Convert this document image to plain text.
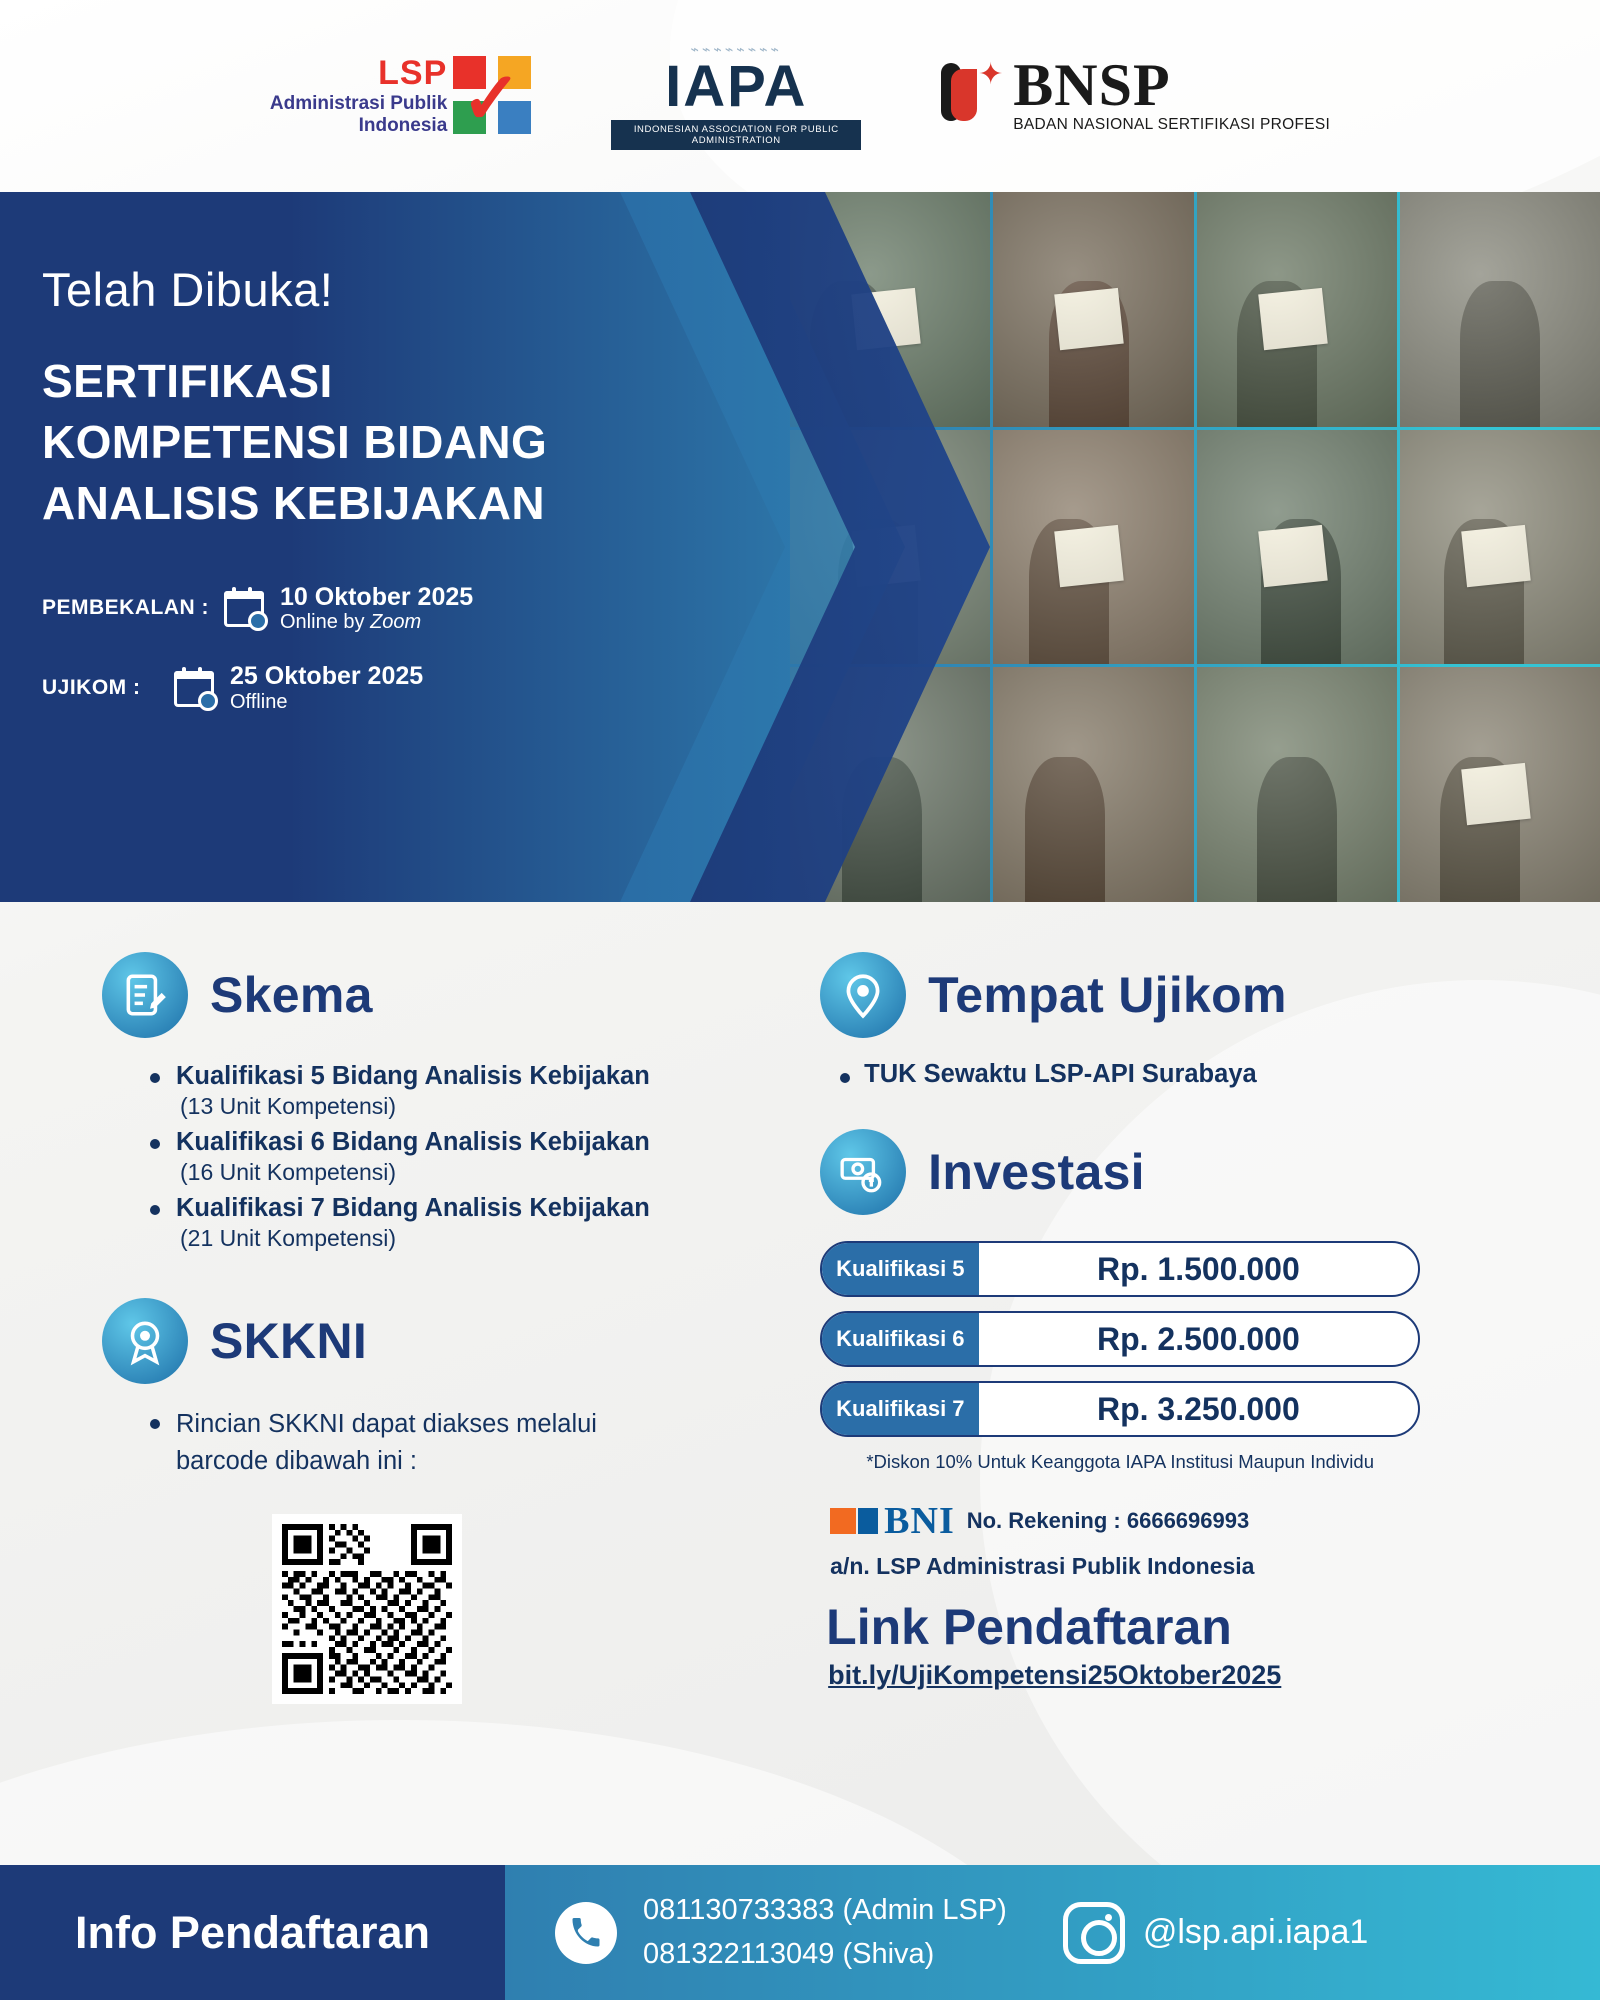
LSP
Administrasi Publik
Indonesia ✓
⌁⌁⌁⌁⌁⌁⌁⌁
IAPA
INDONESIAN ASSOCIATION FOR PUBLIC ADMINISTRATION
✦ BNSP
BADAN NASIONAL SERTIFIKASI PROFESI
Telah Dibuka!
SERTIFIKASI
KOMPETENSI BIDANG
ANALISIS KEBIJAKAN
PEMBEKALAN :	10 Oktober 2025
Online by Zoom
UJIKOM :	25 Oktober 2025
Offline
Skema
Kualifikasi 5 Bidang Analisis Kebijakan
(13 Unit Kompetensi)
Kualifikasi 6 Bidang Analisis Kebijakan
(16 Unit Kompetensi)
Kualifikasi 7 Bidang Analisis Kebijakan
(21 Unit Kompetensi)
SKKNI
Rincian SKKNI dapat diakses melalui
barcode dibawah ini :
Tempat Ujikom
TUK Sewaktu LSP-API Surabaya
Investasi
Kualifikasi 5	Rp. 1.500.000
Kualifikasi 6	Rp. 2.500.000
Kualifikasi 7	Rp. 3.250.000
*Diskon 10% Untuk Keanggota IAPA Institusi Maupun Individu
BNI No. Rekening : 6666696993
a/n. LSP Administrasi Publik Indonesia
Link Pendaftaran
bit.ly/UjiKompetensi25Oktober2025
Info Pendaftaran	081130733383 (Admin LSP)
081322113049 (Shiva)
@lsp.api.iapa1
